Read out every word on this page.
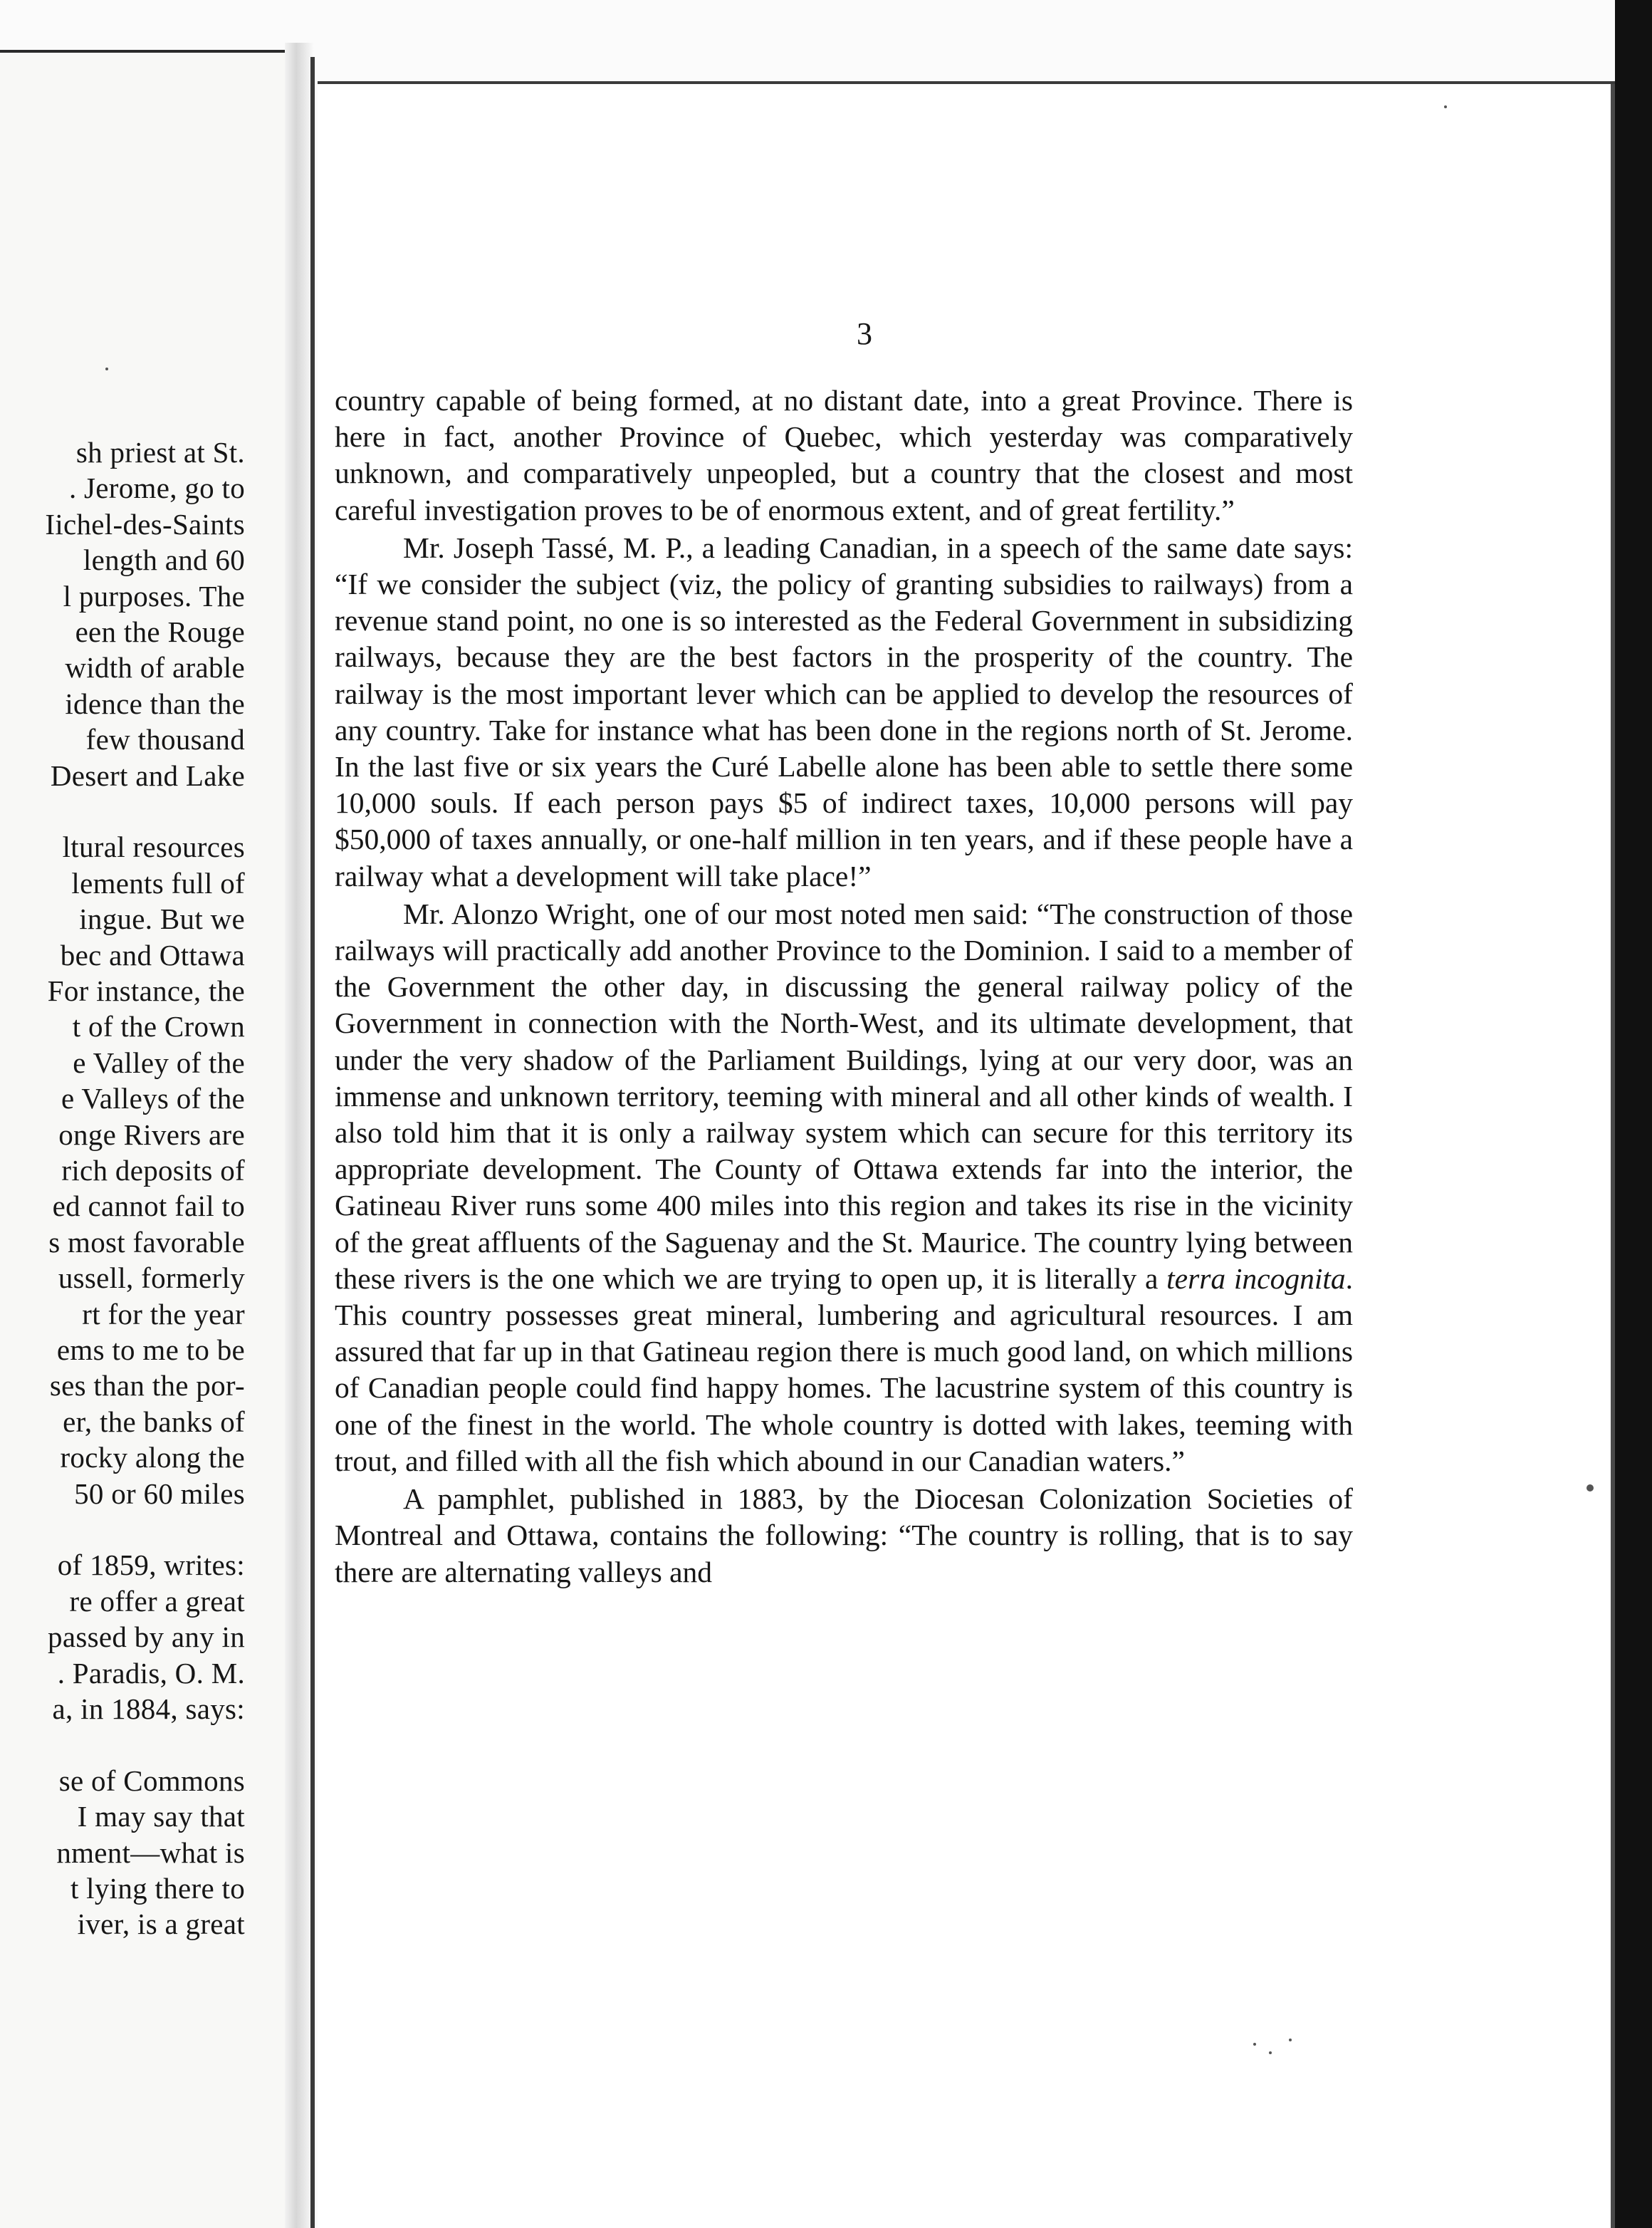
sh priest at St.
. Jerome, go to
Iichel-des-Saints
length and 60
l purposes. The
een the Rouge
width of arable
idence than the
few thousand
Desert and Lake
ltural resources
lements full of
ingue. But we
bec and Ottawa
For instance, the
t of the Crown
e Valley of the
e Valleys of the
onge Rivers are
rich deposits of
ed cannot fail to
s most favorable
ussell, formerly
rt for the year
ems to me to be
ses than the por-
er, the banks of
rocky along the
50 or 60 miles
of 1859, writes:
re offer a great
passed by any in
. Paradis, O. M.
a, in 1884, says:
se of Commons
I may say that
nment—what is
t lying there to
iver, is a great
3

country capable of being formed, at no distant date, into a great Province. There is here in fact, another Province of Quebec, which yesterday was comparatively unknown, and comparatively unpeopled, but a country that the closest and most careful investigation proves to be of enormous extent, and of great fertility.”

Mr. Joseph Tassé, M. P., a leading Canadian, in a speech of the same date says: “If we consider the subject (viz, the policy of granting subsidies to railways) from a revenue stand point, no one is so interested as the Federal Government in subsidizing railways, because they are the best factors in the prosperity of the country. The railway is the most important lever which can be applied to develop the resources of any country. Take for instance what has been done in the regions north of St. Jerome. In the last five or six years the Curé Labelle alone has been able to settle there some 10,000 souls. If each person pays $5 of indirect taxes, 10,000 persons will pay $50,000 of taxes annually, or one-half million in ten years, and if these people have a railway what a development will take place!”

Mr. Alonzo Wright, one of our most noted men said: “The construction of those railways will practically add another Province to the Dominion. I said to a member of the Government the other day, in discussing the general railway policy of the Government in connection with the North-West, and its ultimate development, that under the very shadow of the Parliament Buildings, lying at our very door, was an immense and unknown territory, teeming with mineral and all other kinds of wealth. I also told him that it is only a railway system which can secure for this territory its appropriate development. The County of Ottawa extends far into the interior, the Gatineau River runs some 400 miles into this region and takes its rise in the vicinity of the great affluents of the Saguenay and the St. Maurice. The country lying between these rivers is the one which we are trying to open up, it is literally a terra incognita. This country possesses great mineral, lumbering and agricultural resources. I am assured that far up in that Gatineau region there is much good land, on which millions of Canadian people could find happy homes. The lacustrine system of this country is one of the finest in the world. The whole country is dotted with lakes, teeming with trout, and filled with all the fish which abound in our Canadian waters.”

A pamphlet, published in 1883, by the Diocesan Colonization Societies of Montreal and Ottawa, contains the following: “The country is rolling, that is to say there are alternating valleys and
